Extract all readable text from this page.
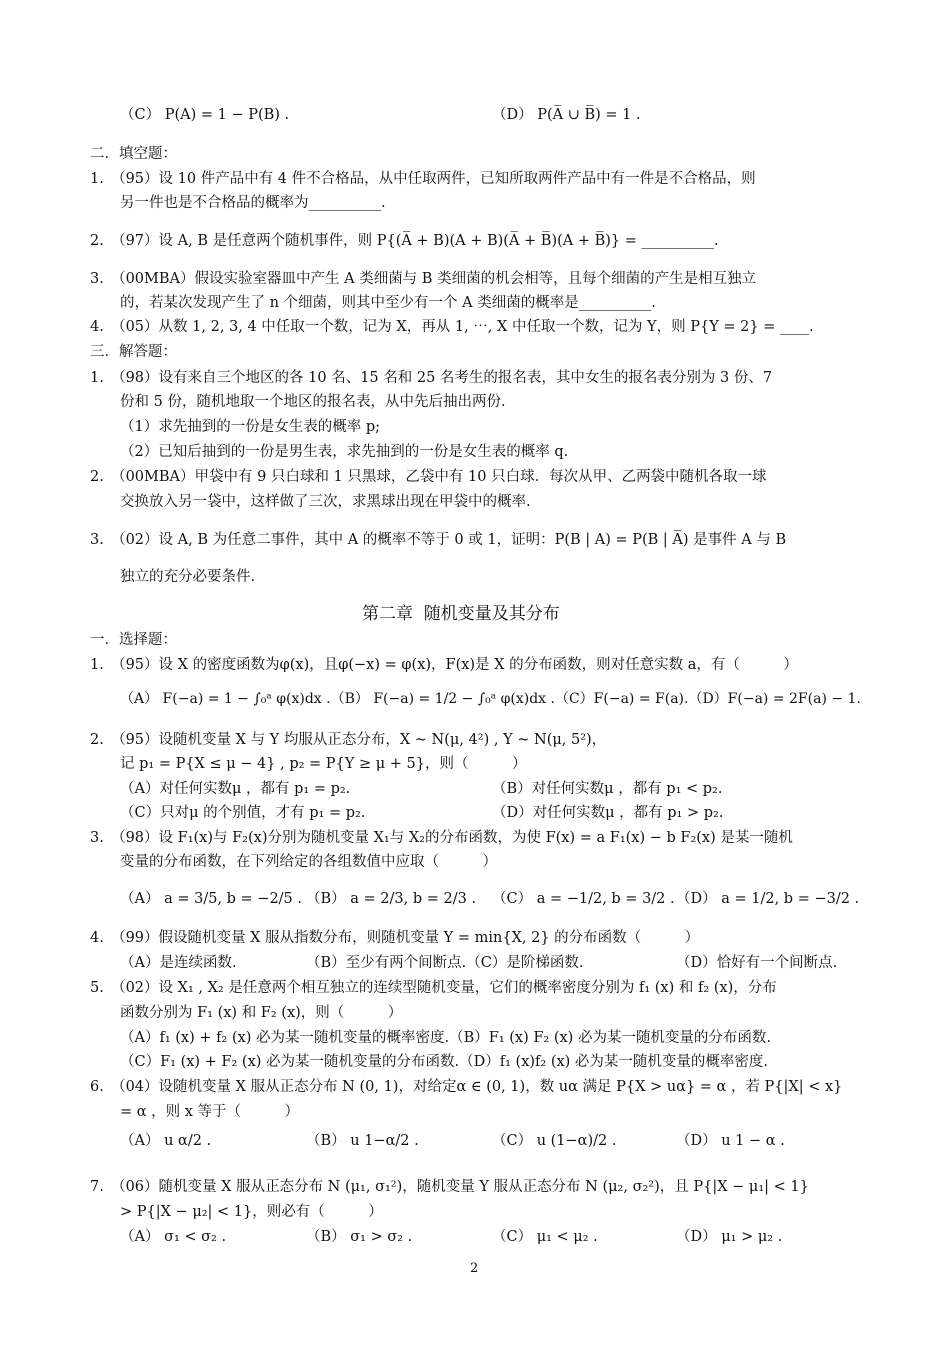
（C） P(A) = 1 − P(B) .	（D） P(A̅ ∪ B̅) = 1 .
二．填空题：
1.　（95）设 10 件产品中有 4 件不合格品，从中任取两件，已知所取两件产品中有一件是不合格品，则
另一件也是不合格品的概率为__________.
2.　（97）设 A, B 是任意两个随机事件，则 P{(A̅ + B)(A + B)(A̅ + B̅)(A + B̅)} = __________.
3.　（00MBA）假设实验室器皿中产生 A 类细菌与 B 类细菌的机会相等，且每个细菌的产生是相互独立
的，若某次发现产生了 n 个细菌，则其中至少有一个 A 类细菌的概率是__________.
4.　（05）从数 1, 2, 3, 4 中任取一个数，记为 X，再从 1, ⋯, X 中任取一个数，记为 Y，则 P{Y = 2} = ____.
三．解答题：
1.　（98）设有来自三个地区的各 10 名、15 名和 25 名考生的报名表，其中女生的报名表分别为 3 份、7
份和 5 份，随机地取一个地区的报名表，从中先后抽出两份.
（1）求先抽到的一份是女生表的概率 p;
（2）已知后抽到的一份是男生表，求先抽到的一份是女生表的概率 q.
2.　（00MBA）甲袋中有 9 只白球和 1 只黑球，乙袋中有 10 只白球．每次从甲、乙两袋中随机各取一球
交换放入另一袋中，这样做了三次，求黑球出现在甲袋中的概率.
3.　（02）设 A, B 为任意二事件，其中 A 的概率不等于 0 或 1，证明：P(B | A) = P(B | A̅) 是事件 A 与 B
独立的充分必要条件.
第二章  随机变量及其分布
一．选择题：
1.　（95）设 X 的密度函数为φ(x)，且φ(−x) = φ(x)，F(x)是 X 的分布函数，则对任意实数 a，有（　　　）
（A） F(−a) = 1 − ∫₀ᵃ φ(x)dx .（B） F(−a) = 1/2 − ∫₀ᵃ φ(x)dx .（C）F(−a) = F(a).（D）F(−a) = 2F(a) − 1.
2.　（95）设随机变量 X 与 Y 均服从正态分布，X ~ N(μ, 4²) , Y ~ N(μ, 5²)，
记 p₁ = P{X ≤ μ − 4} , p₂ = P{Y ≥ μ + 5}，则（　　　）
（A）对任何实数μ ，都有 p₁ = p₂.	（B）对任何实数μ ，都有 p₁ < p₂.
（C）只对μ 的个别值，才有 p₁ = p₂.	（D）对任何实数μ ，都有 p₁ > p₂.
3.　（98）设 F₁(x)与 F₂(x)分别为随机变量 X₁与 X₂的分布函数，为使 F(x) = a F₁(x) − b F₂(x) 是某一随机
变量的分布函数，在下列给定的各组数值中应取（　　　）
（A） a = 3/5, b = −2/5 . （B） a = 2/3, b = 2/3 . （C） a = −1/2, b = 3/2 . （D） a = 1/2, b = −3/2 .
4.　（99）假设随机变量 X 服从指数分布，则随机变量 Y = min{X, 2} 的分布函数（　　　）
（A）是连续函数.	（B）至少有两个间断点.（C）是阶梯函数.	（D）恰好有一个间断点.
5.　（02）设 X₁ , X₂ 是任意两个相互独立的连续型随机变量，它们的概率密度分别为 f₁ (x) 和 f₂ (x)，分布
函数分别为 F₁ (x) 和 F₂ (x)，则（　　　）
（A）f₁ (x) + f₂ (x) 必为某一随机变量的概率密度.（B）F₁ (x) F₂ (x) 必为某一随机变量的分布函数.
（C）F₁ (x) + F₂ (x) 必为某一随机变量的分布函数.（D）f₁ (x)f₂ (x) 必为某一随机变量的概率密度.
6.　（04）设随机变量 X 服从正态分布 N (0, 1)，对给定α ∈ (0, 1)，数 uα 满足 P{X > uα} = α ，若 P{|X| < x}
= α ，则 x 等于（　　　）
（A） u α/2 .	（B） u 1−α/2 .	（C） u (1−α)/2 .	（D） u 1 − α .
7.　（06）随机变量 X 服从正态分布 N (μ₁, σ₁²)，随机变量 Y 服从正态分布 N (μ₂, σ₂²)，且 P{|X − μ₁| < 1}
> P{|X − μ₂| < 1}，则必有（　　　）
（A） σ₁ < σ₂ .	（B） σ₁ > σ₂ .	（C） μ₁ < μ₂ .	（D） μ₁ > μ₂ .
2
